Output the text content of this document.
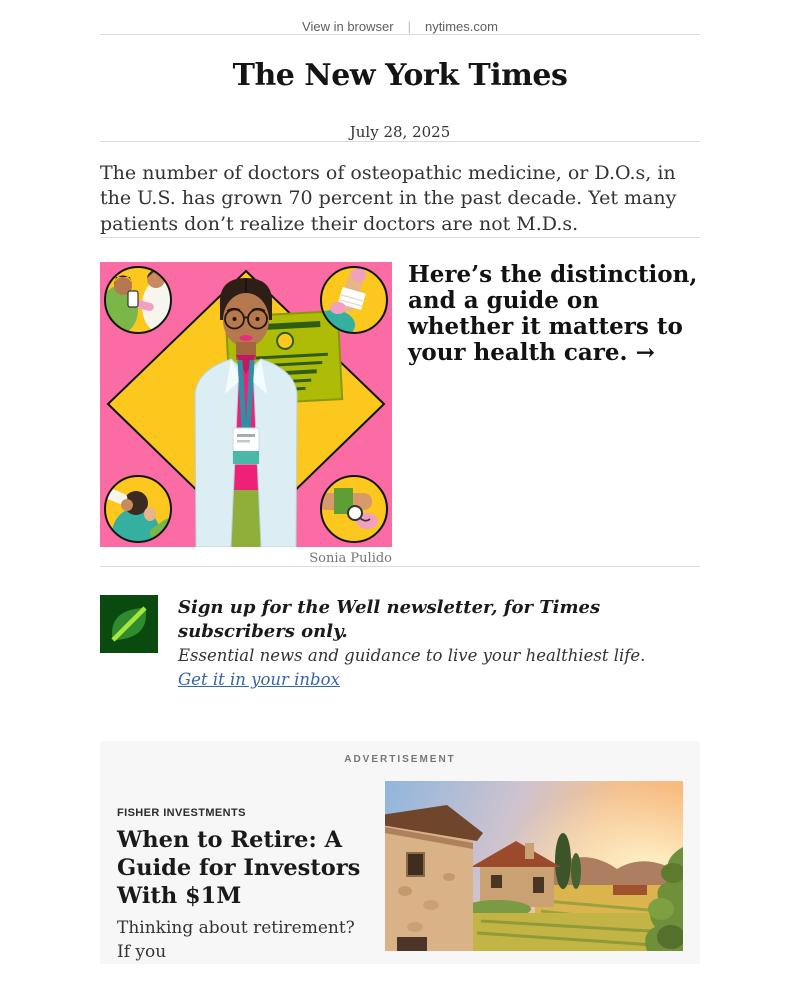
View in browser | nytimes.com
The New York Times
July 28, 2025

The number of doctors of osteopathic medicine, or D.O.s, in the U.S. has grown 70 percent in the past decade. Yet many patients don’t realize their doctors are not M.D.s.

Sonia Pulido
Here’s the distinction, and a guide on whether it matters to your health care. →
Sign up for the Well newsletter, for Times subscribers only.
Essential news and guidance to live your healthiest life.
Get it in your inbox
ADVERTISEMENT
FISHER INVESTMENTS
When to Retire: A Guide for Investors With $1M
Thinking about retirement? If you
